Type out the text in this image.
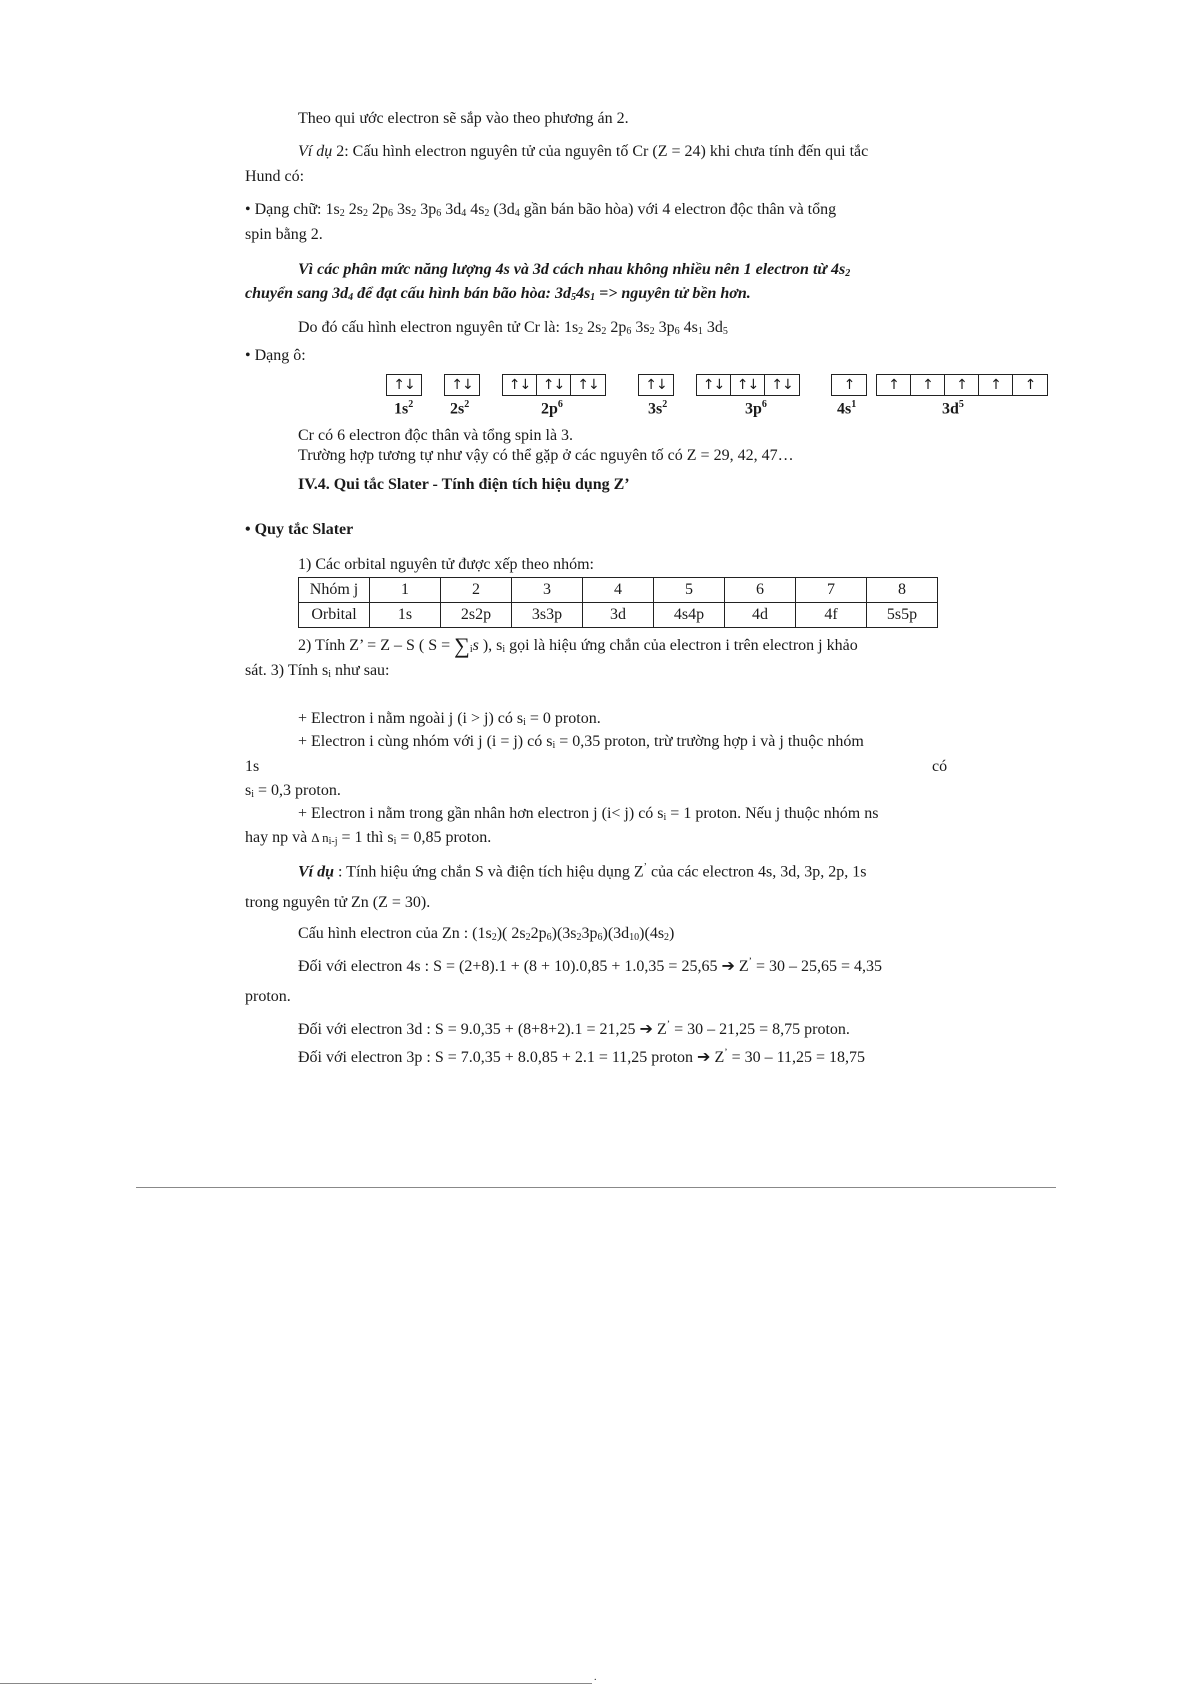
Theo qui ước electron sẽ sắp vào theo phương án 2.
Ví dụ 2: Cấu hình electron nguyên tử của nguyên tố Cr (Z = 24) khi chưa tính đến qui tắc
Hund có:
• Dạng chữ: $1s_2$ $2s_2$ $2p_6$ $3s_2$ $3p_6$ $3d_4$ $4s_2$ ($3d_4$ gần bán bão hòa) với 4 electron độc thân và tổng
spin bằng 2.
Vì các phân mức năng lượng 4s và 3d cách nhau không nhiều nên 1 electron từ $4s_2$
chuyển sang $3d_4$ để đạt cấu hình bán bão hòa: $3d_54s_1$ => nguyên tử bền hơn.
Do đó cấu hình electron nguyên tử Cr là: $1s_2$ $2s_2$ $2p_6$ $3s_2$ $3p_6$ $4s_1$ $3d_5$
• Dạng ô:
↑↓	↑↓	↑↓ ↑↓ ↑↓	↑↓	↑↓ ↑↓ ↑↓	↑	↑	↑	↑	↑	↑
$1s^2$ $2s^2$	$2p^6$	$3s^2$	$3p^6$	$4s^1$	$3d^5$
Cr có 6 electron độc thân và tổng spin là 3.
Trường hợp tương tự như vậy có thể gặp ở các nguyên tố có Z = 29, 42, 47…
IV.4. Qui tắc Slater - Tính điện tích hiệu dụng Z’
• Quy tắc Slater
1) Các orbital nguyên tử được xếp theo nhóm:
Nhóm j	1	2	3	4	5	6	7	8
Orbital	1s	2s2p	3s3p	3d	4s4p	4d	4f	5s5p
2) Tính Z’ = Z – S ( $S = \sum_is$ ), $s_i$ gọi là hiệu ứng chắn của electron i trên electron j khảo
sát. 3) Tính $s_i$ như sau:
+ Electron i nằm ngoài j (i > j) có $s_i = 0$ proton.
+ Electron i cùng nhóm với j (i = j) có $s_i = 0,35$ proton, trừ trường hợp i và j thuộc nhóm
1s	có
$s_i = 0,3$ proton.
+ Electron i nằm trong gần nhân hơn electron j (i< j) có $s_i = 1$ proton. Nếu j thuộc nhóm ns
hay np và Δ $n_{i-j} = 1$ thì $s_i = 0,85$ proton.
Ví dụ : Tính hiệu ứng chắn S và điện tích hiệu dụng Z’ của các electron 4s, 3d, 3p, 2p, 1s
trong nguyên tử Zn (Z = 30).
Cấu hình electron của Zn : $(1s_2)$( $2s_22p_6)(3s_23p_6)(3d_{10})(4s_2)$
Đối với electron 4s : S = (2+8).1 + (8 + 10).0,85 + 1.0,35 = 25,65 ➔ Z’ = 30 – 25,65 = 4,35
proton.
Đối với electron 3d : S = 9.0,35 + (8+8+2).1 = 21,25 ➔ Z’ = 30 – 21,25 = 8,75 proton.
Đối với electron 3p : S = 7.0,35 + 8.0,85 + 2.1 = 11,25 proton ➔ Z’ = 30 – 11,25 = 18,75
.
